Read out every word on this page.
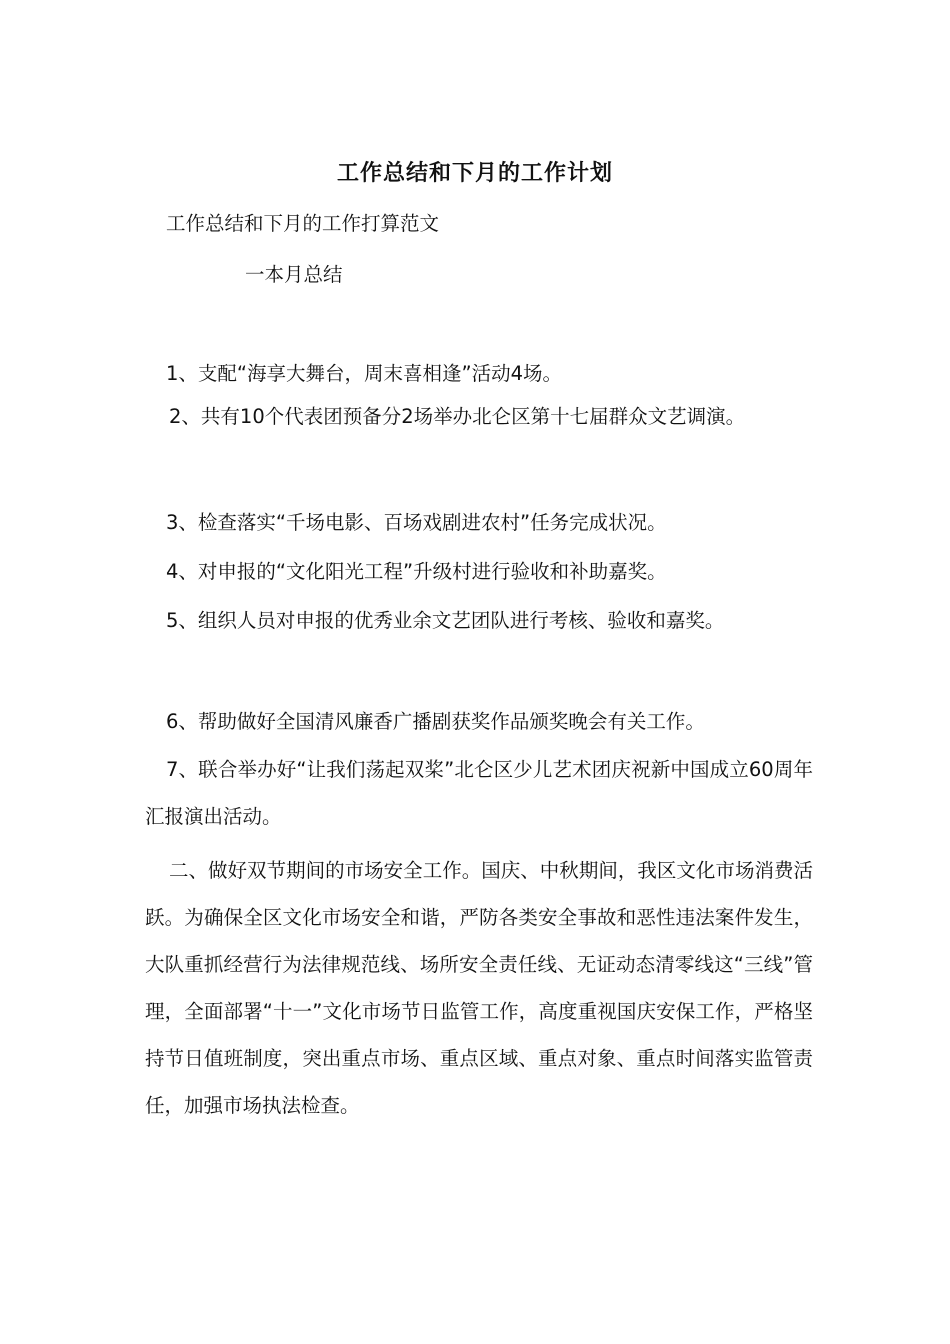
工作总结和下月的工作计划
工作总结和下月的工作打算范文
一本月总结
1、支配“海享大舞台，周末喜相逢”活动4场。
2、共有10个代表团预备分2场举办北仑区第十七届群众文艺调演。
3、检查落实“千场电影、百场戏剧进农村”任务完成状况。
4、对申报的“文化阳光工程”升级村进行验收和补助嘉奖。
5、组织人员对申报的优秀业余文艺团队进行考核、验收和嘉奖。
6、帮助做好全国清风廉香广播剧获奖作品颁奖晚会有关工作。
7、联合举办好“让我们荡起双桨”北仑区少儿艺术团庆祝新中国成立60周年汇报演出活动。
二、做好双节期间的市场安全工作。国庆、中秋期间，我区文化市场消费活跃。为确保全区文化市场安全和谐，严防各类安全事故和恶性违法案件发生，大队重抓经营行为法律规范线、场所安全责任线、无证动态清零线这“三线”管理，全面部署“十一”文化市场节日监管工作，高度重视国庆安保工作，严格坚持节日值班制度，突出重点市场、重点区域、重点对象、重点时间落实监管责任，加强市场执法检查。
